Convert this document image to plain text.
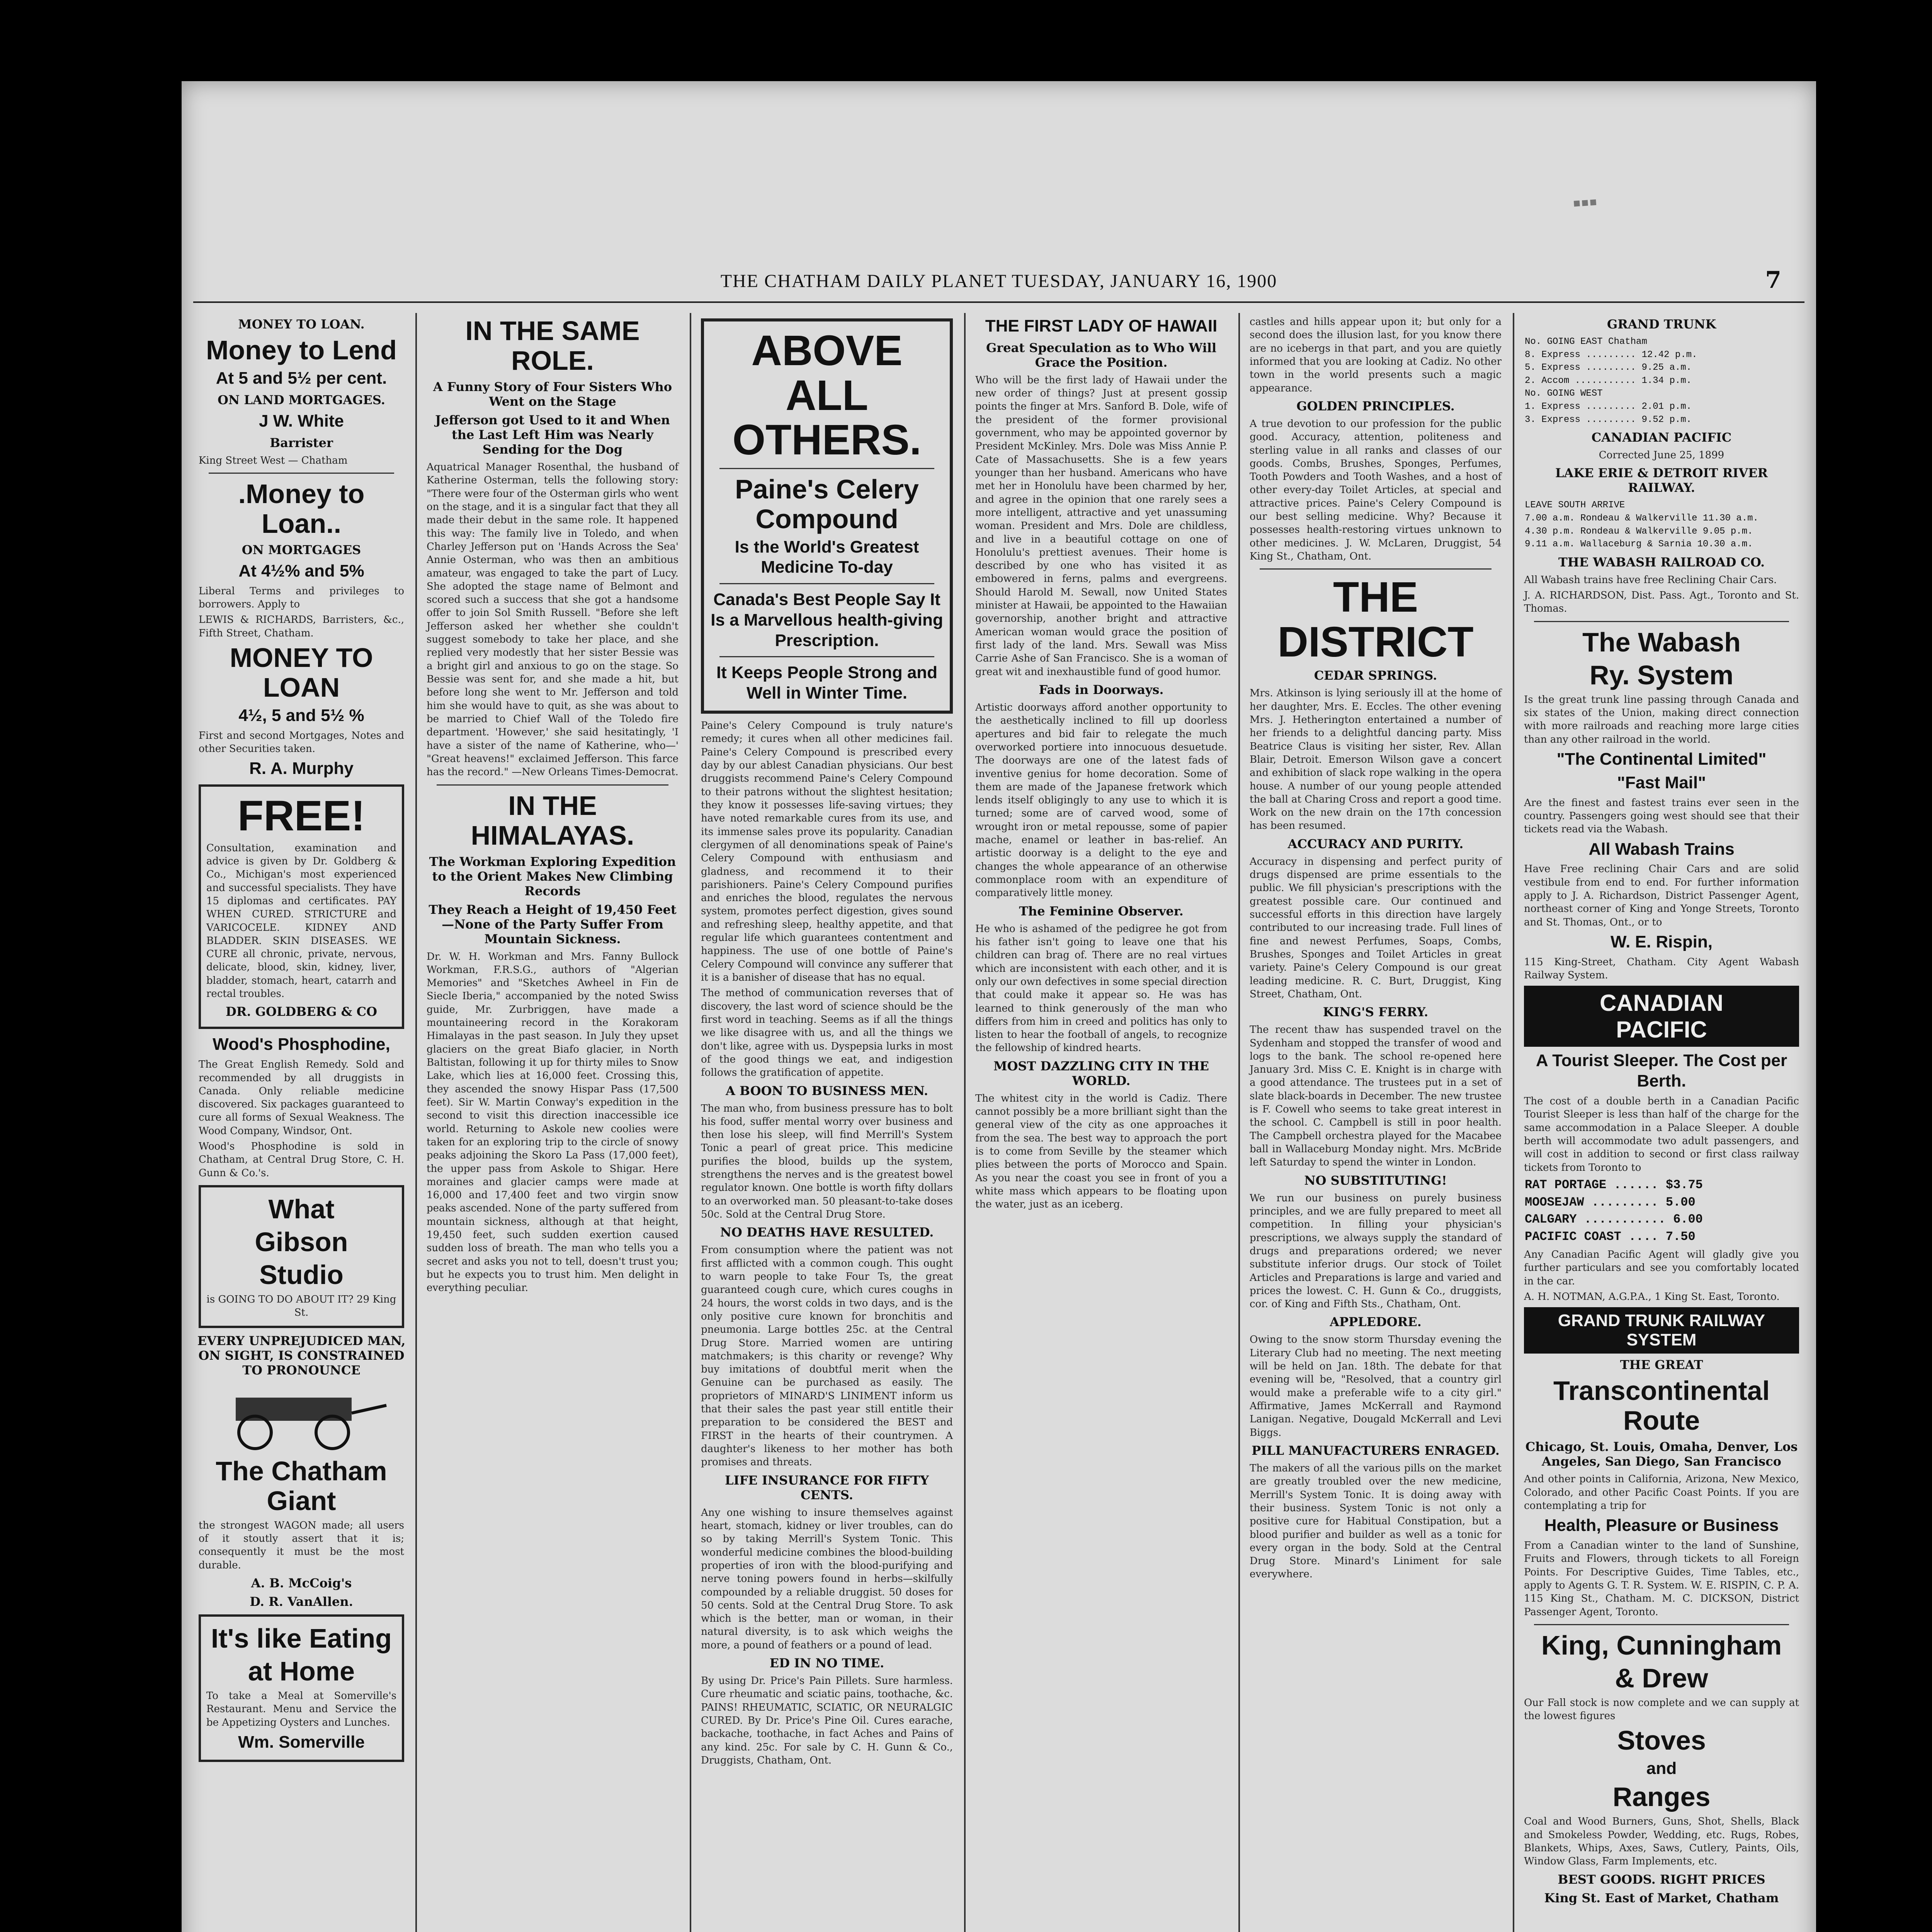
▪▪▪
THE CHATHAM DAILY PLANET TUESDAY, JANUARY 16, 1900	7
MONEY TO LOAN.
Money to Lend
At 5 and 5½ per cent.
ON LAND MORTGAGES.
J W. White
Barrister
King Street West — Chatham
.Money to Loan..
ON MORTGAGES
At 4½% and 5%
Liberal Terms and privileges to borrowers. Apply to
LEWIS & RICHARDS, Barristers, &c., Fifth Street, Chatham.
MONEY TO LOAN
4½, 5 and 5½ %
First and second Mortgages, Notes and other Securities taken.
R. A. Murphy
FREE!
Consultation, examination and advice is given by Dr. Goldberg & Co., Michigan's most experienced and successful specialists. They have 15 diplomas and certificates. PAY WHEN CURED. STRICTURE and VARICOCELE. KIDNEY AND BLADDER. SKIN DISEASES. WE CURE all chronic, private, nervous, delicate, blood, skin, kidney, liver, bladder, stomach, heart, catarrh and rectal troubles.
DR. GOLDBERG & CO
Wood's Phosphodine,
The Great English Remedy. Sold and recommended by all druggists in Canada. Only reliable medicine discovered. Six packages guaranteed to cure all forms of Sexual Weakness. The Wood Company, Windsor, Ont.
Wood's Phosphodine is sold in Chatham, at Central Drug Store, C. H. Gunn & Co.'s.
What
Gibson
Studio
is GOING TO DO ABOUT IT? 29 King St.
EVERY UNPREJUDICED MAN, ON SIGHT, IS CONSTRAINED TO PRONOUNCE
The Chatham Giant
the strongest WAGON made; all users of it stoutly assert that it is; consequently it must be the most durable.
A. B. McCoig's
D. R. VanAllen.
It's like Eating
at Home
To take a Meal at Somerville's Restaurant. Menu and Service the be Appetizing Oysters and Lunches.
Wm. Somerville
IN THE SAME ROLE.
A Funny Story of Four Sisters Who Went on the Stage
Jefferson got Used to it and When the Last Left Him was Nearly Sending for the Dog
Aquatrical Manager Rosenthal, the husband of Katherine Osterman, tells the following story: "There were four of the Osterman girls who went on the stage, and it is a singular fact that they all made their debut in the same role. It happened this way: The family live in Toledo, and when Charley Jefferson put on 'Hands Across the Sea' Annie Osterman, who was then an ambitious amateur, was engaged to take the part of Lucy. She adopted the stage name of Belmont and scored such a success that she got a handsome offer to join Sol Smith Russell. "Before she left Jefferson asked her whether she couldn't suggest somebody to take her place, and she replied very modestly that her sister Bessie was a bright girl and anxious to go on the stage. So Bessie was sent for, and she made a hit, but before long she went to Mr. Jefferson and told him she would have to quit, as she was about to be married to Chief Wall of the Toledo fire department. 'However,' she said hesitatingly, 'I have a sister of the name of Katherine, who—' "Great heavens!" exclaimed Jefferson. This farce has the record." —New Orleans Times-Democrat.
IN THE HIMALAYAS.
The Workman Exploring Expedition to the Orient Makes New Climbing Records
They Reach a Height of 19,450 Feet—None of the Party Suffer From Mountain Sickness.
Dr. W. H. Workman and Mrs. Fanny Bullock Workman, F.R.S.G., authors of "Algerian Memories" and "Sketches Awheel in Fin de Siecle Iberia," accompanied by the noted Swiss guide, Mr. Zurbriggen, have made a mountaineering record in the Korakoram Himalayas in the past season. In July they upset glaciers on the great Biafo glacier, in North Baltistan, following it up for thirty miles to Snow Lake, which lies at 16,000 feet. Crossing this, they ascended the snowy Hispar Pass (17,500 feet). Sir W. Martin Conway's expedition in the second to visit this direction inaccessible ice world. Returning to Askole new coolies were taken for an exploring trip to the circle of snowy peaks adjoining the Skoro La Pass (17,000 feet), the upper pass from Askole to Shigar. Here moraines and glacier camps were made at 16,000 and 17,400 feet and two virgin snow peaks ascended. None of the party suffered from mountain sickness, although at that height, 19,450 feet, such sudden exertion caused sudden loss of breath. The man who tells you a secret and asks you not to tell, doesn't trust you; but he expects you to trust him. Men delight in everything peculiar.
ABOVE ALL OTHERS.
Paine's Celery Compound
Is the World's Greatest Medicine To-day
Canada's Best People Say It Is a Marvellous health-giving Prescription.
It Keeps People Strong and Well in Winter Time.
Paine's Celery Compound is truly nature's remedy; it cures when all other medicines fail. Paine's Celery Compound is prescribed every day by our ablest Canadian physicians. Our best druggists recommend Paine's Celery Compound to their patrons without the slightest hesitation; they know it possesses life-saving virtues; they have noted remarkable cures from its use, and its immense sales prove its popularity. Canadian clergymen of all denominations speak of Paine's Celery Compound with enthusiasm and gladness, and recommend it to their parishioners. Paine's Celery Compound purifies and enriches the blood, regulates the nervous system, promotes perfect digestion, gives sound and refreshing sleep, healthy appetite, and that regular life which guarantees contentment and happiness. The use of one bottle of Paine's Celery Compound will convince any sufferer that it is a banisher of disease that has no equal.
The method of communication reverses that of discovery, the last word of science should be the first word in teaching. Seems as if all the things we like disagree with us, and all the things we don't like, agree with us. Dyspepsia lurks in most of the good things we eat, and indigestion follows the gratification of appetite.
A BOON TO BUSINESS MEN.
The man who, from business pressure has to bolt his food, suffer mental worry over business and then lose his sleep, will find Merrill's System Tonic a pearl of great price. This medicine purifies the blood, builds up the system, strengthens the nerves and is the greatest bowel regulator known. One bottle is worth fifty dollars to an overworked man. 50 pleasant-to-take doses 50c. Sold at the Central Drug Store.
NO DEATHS HAVE RESULTED.
From consumption where the patient was not first afflicted with a common cough. This ought to warn people to take Four Ts, the great guaranteed cough cure, which cures coughs in 24 hours, the worst colds in two days, and is the only positive cure known for bronchitis and pneumonia. Large bottles 25c. at the Central Drug Store. Married women are untiring matchmakers; is this charity or revenge? Why buy imitations of doubtful merit when the Genuine can be purchased as easily. The proprietors of MINARD'S LINIMENT inform us that their sales the past year still entitle their preparation to be considered the BEST and FIRST in the hearts of their countrymen. A daughter's likeness to her mother has both promises and threats.
LIFE INSURANCE FOR FIFTY CENTS.
Any one wishing to insure themselves against heart, stomach, kidney or liver troubles, can do so by taking Merrill's System Tonic. This wonderful medicine combines the blood-building properties of iron with the blood-purifying and nerve toning powers found in herbs—skilfully compounded by a reliable druggist. 50 doses for 50 cents. Sold at the Central Drug Store. To ask which is the better, man or woman, in their natural diversity, is to ask which weighs the more, a pound of feathers or a pound of lead.
ED IN NO TIME.
By using Dr. Price's Pain Pillets. Sure harmless. Cure rheumatic and sciatic pains, toothache, &c. PAINS! RHEUMATIC, SCIATIC, OR NEURALGIC CURED. By Dr. Price's Pine Oil. Cures earache, backache, toothache, in fact Aches and Pains of any kind. 25c. For sale by C. H. Gunn & Co., Druggists, Chatham, Ont.
THE FIRST LADY OF HAWAII
Great Speculation as to Who Will Grace the Position.
Who will be the first lady of Hawaii under the new order of things? Just at present gossip points the finger at Mrs. Sanford B. Dole, wife of the president of the former provisional government, who may be appointed governor by President McKinley. Mrs. Dole was Miss Annie P. Cate of Massachusetts. She is a few years younger than her husband. Americans who have met her in Honolulu have been charmed by her, and agree in the opinion that one rarely sees a more intelligent, attractive and yet unassuming woman. President and Mrs. Dole are childless, and live in a beautiful cottage on one of Honolulu's prettiest avenues. Their home is described by one who has visited it as embowered in ferns, palms and evergreens. Should Harold M. Sewall, now United States minister at Hawaii, be appointed to the Hawaiian governorship, another bright and attractive American woman would grace the position of first lady of the land. Mrs. Sewall was Miss Carrie Ashe of San Francisco. She is a woman of great wit and inexhaustible fund of good humor.
Fads in Doorways.
Artistic doorways afford another opportunity to the aesthetically inclined to fill up doorless apertures and bid fair to relegate the much overworked portiere into innocuous desuetude. The doorways are one of the latest fads of inventive genius for home decoration. Some of them are made of the Japanese fretwork which lends itself obligingly to any use to which it is turned; some are of carved wood, some of wrought iron or metal repousse, some of papier mache, enamel or leather in bas-relief. An artistic doorway is a delight to the eye and changes the whole appearance of an otherwise commonplace room with an expenditure of comparatively little money.
The Feminine Observer.
He who is ashamed of the pedigree he got from his father isn't going to leave one that his children can brag of. There are no real virtues which are inconsistent with each other, and it is only our own defectives in some special direction that could make it appear so. He was has learned to think generously of the man who differs from him in creed and politics has only to listen to hear the football of angels, to recognize the fellowship of kindred hearts.
MOST DAZZLING CITY IN THE WORLD.
The whitest city in the world is Cadiz. There cannot possibly be a more brilliant sight than the general view of the city as one approaches it from the sea. The best way to approach the port is to come from Seville by the steamer which plies between the ports of Morocco and Spain. As you near the coast you see in front of you a white mass which appears to be floating upon the water, just as an iceberg.
castles and hills appear upon it; but only for a second does the illusion last, for you know there are no icebergs in that part, and you are quietly informed that you are looking at Cadiz. No other town in the world presents such a magic appearance.
GOLDEN PRINCIPLES.
A true devotion to our profession for the public good. Accuracy, attention, politeness and sterling value in all ranks and classes of our goods. Combs, Brushes, Sponges, Perfumes, Tooth Powders and Tooth Washes, and a host of other every-day Toilet Articles, at special and attractive prices. Paine's Celery Compound is our best selling medicine. Why? Because it possesses health-restoring virtues unknown to other medicines. J. W. McLaren, Druggist, 54 King St., Chatham, Ont.
THE DISTRICT
CEDAR SPRINGS.
Mrs. Atkinson is lying seriously ill at the home of her daughter, Mrs. E. Eccles. The other evening Mrs. J. Hetherington entertained a number of her friends to a delightful dancing party. Miss Beatrice Claus is visiting her sister, Rev. Allan Blair, Detroit. Emerson Wilson gave a concert and exhibition of slack rope walking in the opera house. A number of our young people attended the ball at Charing Cross and report a good time. Work on the new drain on the 17th concession has been resumed.
ACCURACY AND PURITY.
Accuracy in dispensing and perfect purity of drugs dispensed are prime essentials to the public. We fill physician's prescriptions with the greatest possible care. Our continued and successful efforts in this direction have largely contributed to our increasing trade. Full lines of fine and newest Perfumes, Soaps, Combs, Brushes, Sponges and Toilet Articles in great variety. Paine's Celery Compound is our great leading medicine. R. C. Burt, Druggist, King Street, Chatham, Ont.
KING'S FERRY.
The recent thaw has suspended travel on the Sydenham and stopped the transfer of wood and logs to the bank. The school re-opened here January 3rd. Miss C. E. Knight is in charge with a good attendance. The trustees put in a set of slate black-boards in December. The new trustee is F. Cowell who seems to take great interest in the school. C. Campbell is still in poor health. The Campbell orchestra played for the Macabee ball in Wallaceburg Monday night. Mrs. McBride left Saturday to spend the winter in London.
NO SUBSTITUTING!
We run our business on purely business principles, and we are fully prepared to meet all competition. In filling your physician's prescriptions, we always supply the standard of drugs and preparations ordered; we never substitute inferior drugs. Our stock of Toilet Articles and Preparations is large and varied and prices the lowest. C. H. Gunn & Co., druggists, cor. of King and Fifth Sts., Chatham, Ont.
APPLEDORE.
Owing to the snow storm Thursday evening the Literary Club had no meeting. The next meeting will be held on Jan. 18th. The debate for that evening will be, "Resolved, that a country girl would make a preferable wife to a city girl." Affirmative, James McKerrall and Raymond Lanigan. Negative, Dougald McKerrall and Levi Biggs.
PILL MANUFACTURERS ENRAGED.
The makers of all the various pills on the market are greatly troubled over the new medicine, Merrill's System Tonic. It is doing away with their business. System Tonic is not only a positive cure for Habitual Constipation, but a blood purifier and builder as well as a tonic for every organ in the body. Sold at the Central Drug Store. Minard's Liniment for sale everywhere.
GRAND TRUNK
No. GOING EAST Chatham
8. Express ......... 12.42 p.m.
5. Express ......... 9.25 a.m.
2. Accom ........... 1.34 p.m.
No. GOING WEST
1. Express ......... 2.01 p.m.
3. Express ......... 9.52 p.m.
CANADIAN PACIFIC
Corrected June 25, 1899
LAKE ERIE & DETROIT RIVER RAILWAY.
LEAVE SOUTH ARRIVE
7.00 a.m. Rondeau & Walkerville 11.30 a.m.
4.30 p.m. Rondeau & Walkerville 9.05 p.m.
9.11 a.m. Wallaceburg & Sarnia 10.30 a.m.
THE WABASH RAILROAD CO.
All Wabash trains have free Reclining Chair Cars.
J. A. RICHARDSON, Dist. Pass. Agt., Toronto and St. Thomas.
The Wabash
Ry. System
Is the great trunk line passing through Canada and six states of the Union, making direct connection with more railroads and reaching more large cities than any other railroad in the world.
"The Continental Limited"
"Fast Mail"
Are the finest and fastest trains ever seen in the country. Passengers going west should see that their tickets read via the Wabash.
All Wabash Trains
Have Free reclining Chair Cars and are solid vestibule from end to end. For further information apply to J. A. Richardson, District Passenger Agent, northeast corner of King and Yonge Streets, Toronto and St. Thomas, Ont., or to
W. E. Rispin,
115 King-Street, Chatham. City Agent Wabash Railway System.
CANADIAN
PACIFIC
A Tourist Sleeper. The Cost per Berth.
The cost of a double berth in a Canadian Pacific Tourist Sleeper is less than half of the charge for the same accommodation in a Palace Sleeper. A double berth will accommodate two adult passengers, and will cost in addition to second or first class railway tickets from Toronto to
RAT PORTAGE ...... $3.75
MOOSEJAW ......... 5.00
CALGARY ........... 6.00
PACIFIC COAST .... 7.50
Any Canadian Pacific Agent will gladly give you further particulars and see you comfortably located in the car.
A. H. NOTMAN, A.G.P.A., 1 King St. East, Toronto.
GRAND TRUNK RAILWAY SYSTEM
THE GREAT
Transcontinental Route
Chicago, St. Louis, Omaha, Denver, Los Angeles, San Diego, San Francisco
And other points in California, Arizona, New Mexico, Colorado, and other Pacific Coast Points. If you are contemplating a trip for
Health, Pleasure or Business
From a Canadian winter to the land of Sunshine, Fruits and Flowers, through tickets to all Foreign Points. For Descriptive Guides, Time Tables, etc., apply to Agents G. T. R. System. W. E. RISPIN, C. P. A. 115 King St., Chatham. M. C. DICKSON, District Passenger Agent, Toronto.
King, Cunningham
& Drew
Our Fall stock is now complete and we can supply at the lowest figures
Stoves
and
Ranges
Coal and Wood Burners, Guns, Shot, Shells, Black and Smokeless Powder, Wedding, etc. Rugs, Robes, Blankets, Whips, Axes, Saws, Cutlery, Paints, Oils, Window Glass, Farm Implements, etc.
BEST GOODS. RIGHT PRICES
King St. East of Market, Chatham
